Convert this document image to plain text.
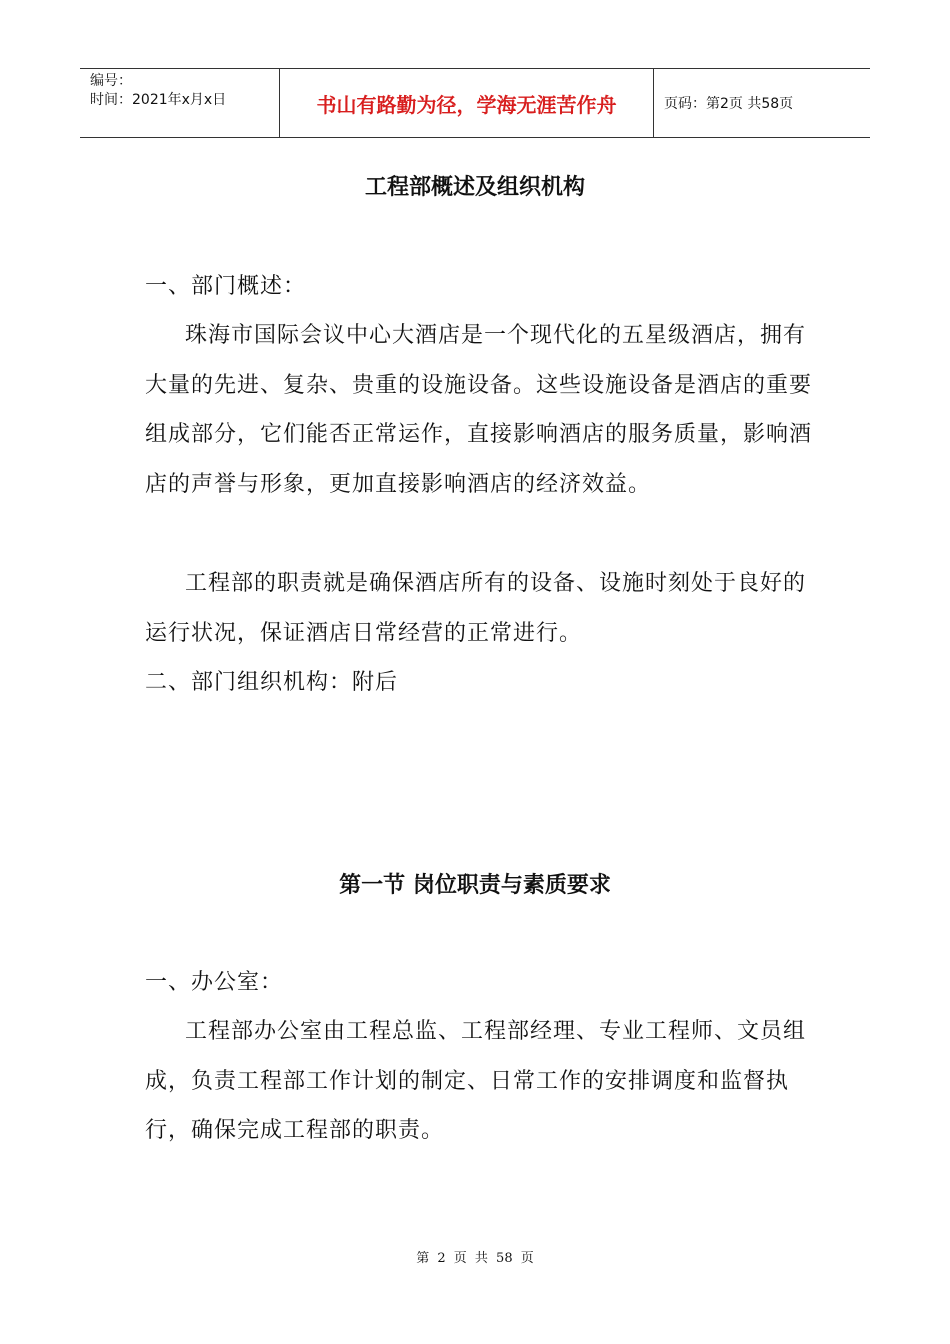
编号：
时间：2021年x月x日	书山有路勤为径，学海无涯苦作舟	页码：第2页 共58页
工程部概述及组织机构
一、部门概述：
珠海市国际会议中心大酒店是一个现代化的五星级酒店，拥有大量的先进、复杂、贵重的设施设备。这些设施设备是酒店的重要组成部分，它们能否正常运作，直接影响酒店的服务质量，影响酒店的声誉与形象，更加直接影响酒店的经济效益。
工程部的职责就是确保酒店所有的设备、设施时刻处于良好的运行状况，保证酒店日常经营的正常进行。
二、部门组织机构：附后
第一节 岗位职责与素质要求
一、办公室：
工程部办公室由工程总监、工程部经理、专业工程师、文员组成，负责工程部工作计划的制定、日常工作的安排调度和监督执行，确保完成工程部的职责。
第 2 页 共 58 页
